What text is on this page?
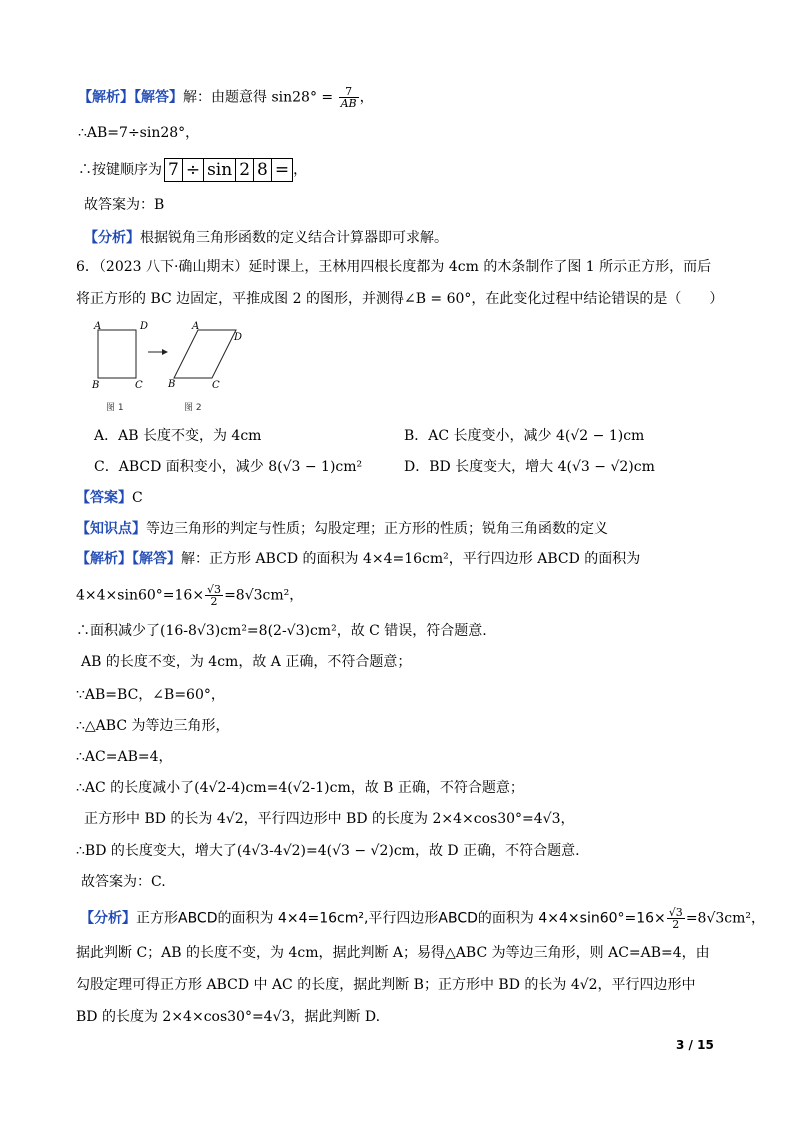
【解析】【解答】解：由题意得 $\sin 28^\circ = \frac{7}{AB}$ ，
∴AB=7÷sin28°，
∴按键顺序为 7 ÷ sin 2 8 = ，
故答案为：B
【分析】根据锐角三角形函数的定义结合计算器即可求解。
6．（2023 八下·确山期末）延时课上，王林用四根长度都为 4cm 的木条制作了图 1 所示正方形，而后
将正方形的 BC 边固定，平推成图 2 的图形，并测得∠B = 60°，在此变化过程中结论错误的是（　　）
A	D
B	C
A
D
B	C
图 1	图 2
A．AB 长度不变，为 4cm	B．AC 长度变小，减少 4(√2 − 1)cm
C．ABCD 面积变小，减少 8(√3 − 1)cm²	D．BD 长度变大，增大 4(√3 − √2)cm
【答案】C
【知识点】等边三角形的判定与性质；勾股定理；正方形的性质；锐角三角函数的定义
【解析】【解答】解：正方形 ABCD 的面积为 4×4=16cm²，平行四边形 ABCD 的面积为
$4\times 4\times\sin 60^\circ=16\times \frac{√3}{2} =8√3cm^2$，
∴面积减少了(16-8√3)cm²=8(2-√3)cm²，故 C 错误，符合题意.
AB 的长度不变，为 4cm，故 A 正确，不符合题意；
∵AB=BC，∠B=60°，
∴△ABC 为等边三角形，
∴AC=AB=4，
∴AC 的长度减小了(4√2-4)cm=4(√2-1)cm，故 B 正确，不符合题意；
正方形中 BD 的长为 4√2，平行四边形中 BD 的长度为 2×4×cos30°=4√3，
∴BD 的长度变大，增大了(4√3-4√2)=4(√3 − √2)cm，故 D 正确，不符合题意.
故答案为：C.
【分析】正方形ABCD的面积为 4×4=16cm²,平行四边形ABCD的面积为 $4\times 4\times\sin 60^\circ=16\times \frac{√3}{2} =8√3cm^2$，
据此判断 C；AB 的长度不变，为 4cm，据此判断 A；易得△ABC 为等边三角形，则 AC=AB=4，由
勾股定理可得正方形 ABCD 中 AC 的长度，据此判断 B；正方形中 BD 的长为 4√2，平行四边形中
BD 的长度为 2×4×cos30°=4√3，据此判断 D.
3 / 15
